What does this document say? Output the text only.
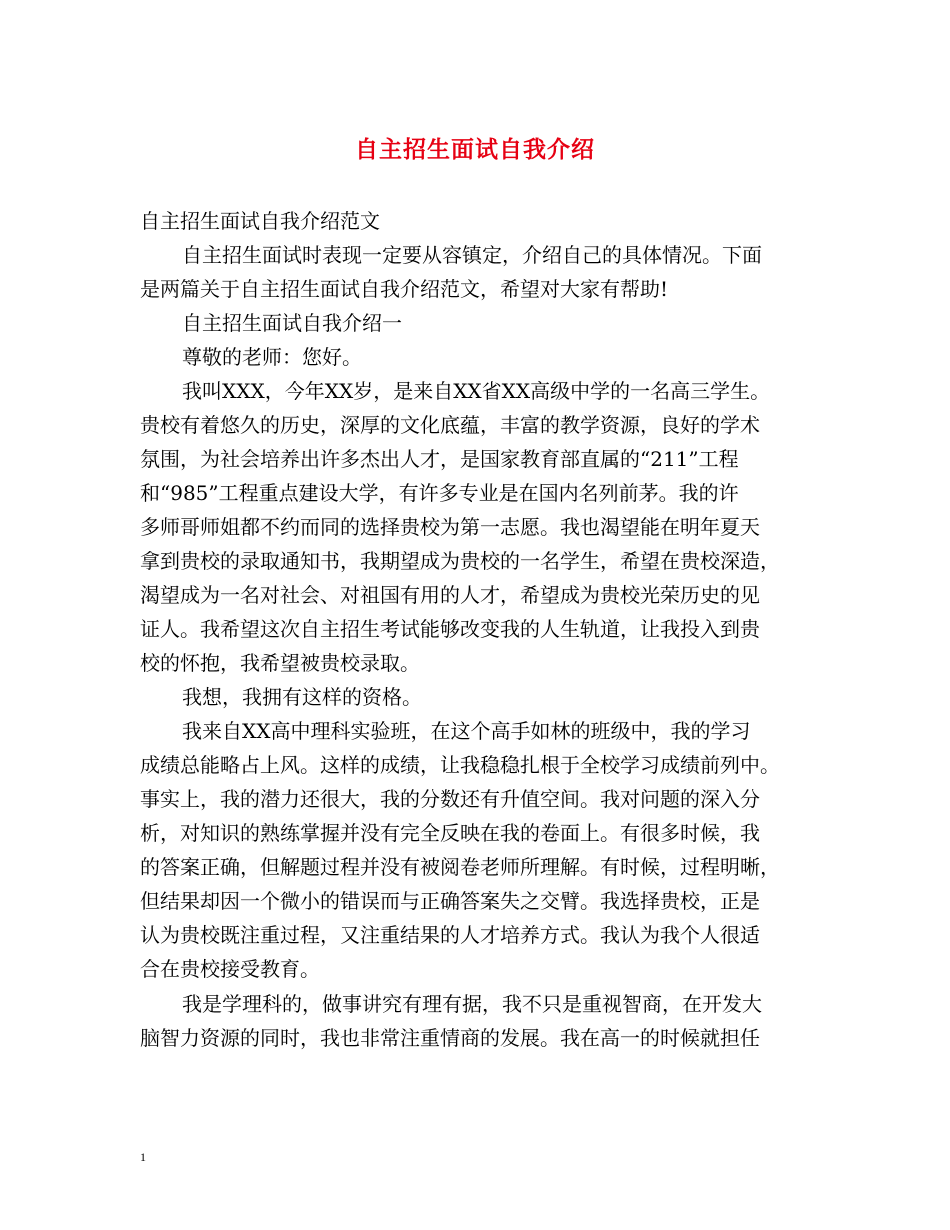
自主招生面试自我介绍

自主招生面试自我介绍范文

自主招生面试时表现一定要从容镇定，介绍自己的具体情况。下面

是两篇关于自主招生面试自我介绍范文，希望对大家有帮助!

自主招生面试自我介绍一

尊敬的老师：您好。

我叫XXX，今年XX岁，是来自XX省XX高级中学的一名高三学生。

贵校有着悠久的历史，深厚的文化底蕴，丰富的教学资源，良好的学术

氛围，为社会培养出许多杰出人才，是国家教育部直属的“211”工程

和“985”工程重点建设大学，有许多专业是在国内名列前茅。我的许

多师哥师姐都不约而同的选择贵校为第一志愿。我也渴望能在明年夏天

拿到贵校的录取通知书，我期望成为贵校的一名学生，希望在贵校深造，

渴望成为一名对社会、对祖国有用的人才，希望成为贵校光荣历史的见

证人。我希望这次自主招生考试能够改变我的人生轨道，让我投入到贵

校的怀抱，我希望被贵校录取。

我想，我拥有这样的资格。

我来自XX高中理科实验班，在这个高手如林的班级中，我的学习

成绩总能略占上风。这样的成绩，让我稳稳扎根于全校学习成绩前列中。

事实上，我的潜力还很大，我的分数还有升值空间。我对问题的深入分

析，对知识的熟练掌握并没有完全反映在我的卷面上。有很多时候，我

的答案正确，但解题过程并没有被阅卷老师所理解。有时候，过程明晰，

但结果却因一个微小的错误而与正确答案失之交臂。我选择贵校，正是

认为贵校既注重过程，又注重结果的人才培养方式。我认为我个人很适

合在贵校接受教育。

我是学理科的，做事讲究有理有据，我不只是重视智商，在开发大

脑智力资源的同时，我也非常注重情商的发展。我在高一的时候就担任

1
